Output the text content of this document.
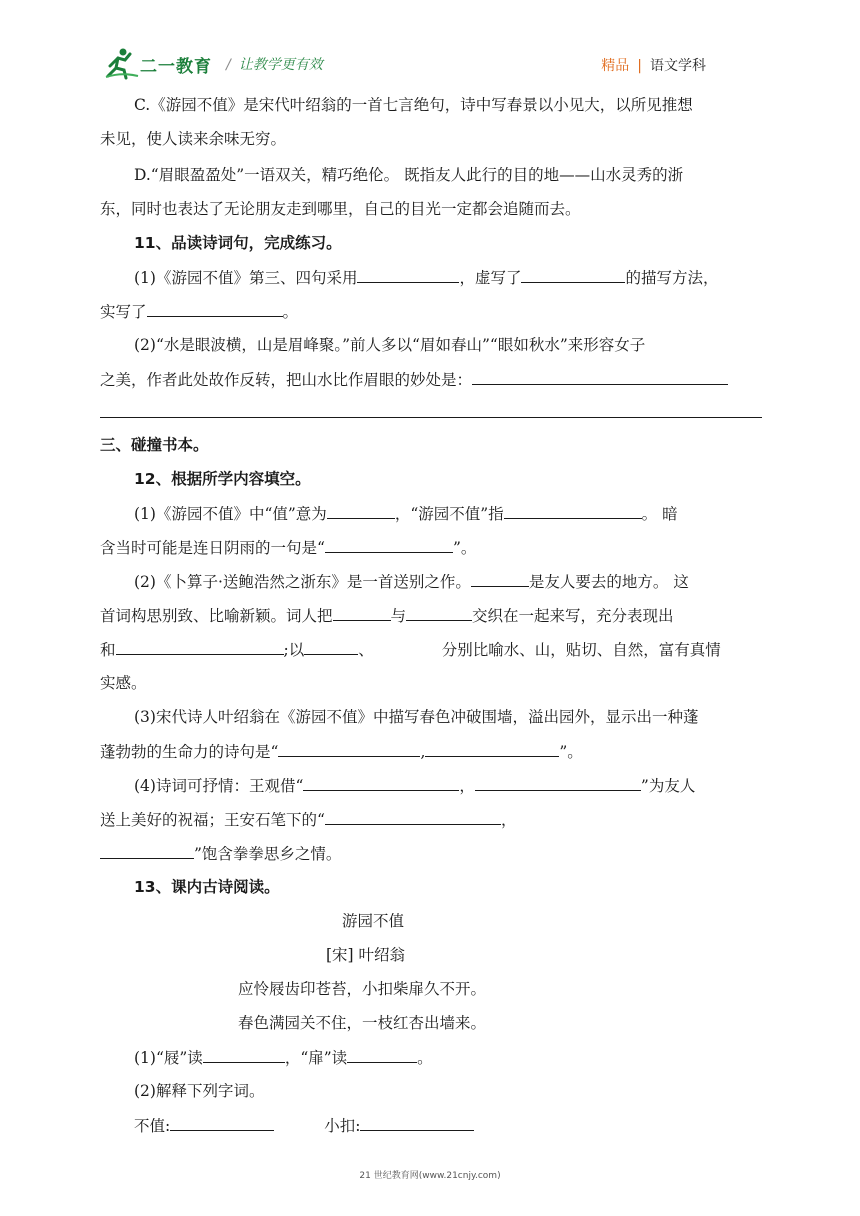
二一教育 / 让教学更有效	精品 | 语文学科
C.《游园不值》是宋代叶绍翁的一首七言绝句，诗中写春景以小见大，以所见推想
未见，使人读来余味无穷。
D.“眉眼盈盈处”一语双关，精巧绝伦。 既指友人此行的目的地——山水灵秀的浙
东，同时也表达了无论朋友走到哪里，自己的目光一定都会追随而去。
11、品读诗词句，完成练习。
(1)《游园不值》第三、四句采用	，虚写了	的描写方法，
实写了	。
(2)“水是眼波横，山是眉峰聚。”前人多以“眉如春山”“眼如秋水”来形容女子
之美，作者此处故作反转，把山水比作眉眼的妙处是：
三、碰撞书本。
12、根据所学内容填空。
(1)《游园不值》中“值”意为	，“游园不值”指	。 暗
含当时可能是连日阴雨的一句是“	”。
(2)《卜算子·送鲍浩然之浙东》是一首送别之作。	是友人要去的地方。 这
首词构思别致、比喻新颖。词人把	与	交织在一起来写，充分表现出
和	;以	、	分别比喻水、山，贴切、自然，富有真情
实感。
(3)宋代诗人叶绍翁在《游园不值》中描写春色冲破围墙，溢出园外，显示出一种蓬
蓬勃勃的生命力的诗句是“	,	”。
(4)诗词可抒情：王观借“	，	”为友人
送上美好的祝福；王安石笔下的“	，
”饱含拳拳思乡之情。
13、课内古诗阅读。
游园不值
[宋] 叶绍翁
应怜屐齿印苍苔，小扣柴扉久不开。
春色满园关不住，一枝红杏出墙来。
(1)“屐”读	，“扉”读	。
(2)解释下列字词。
不值:	小扣:
21 世纪教育网(www.21cnjy.com)
